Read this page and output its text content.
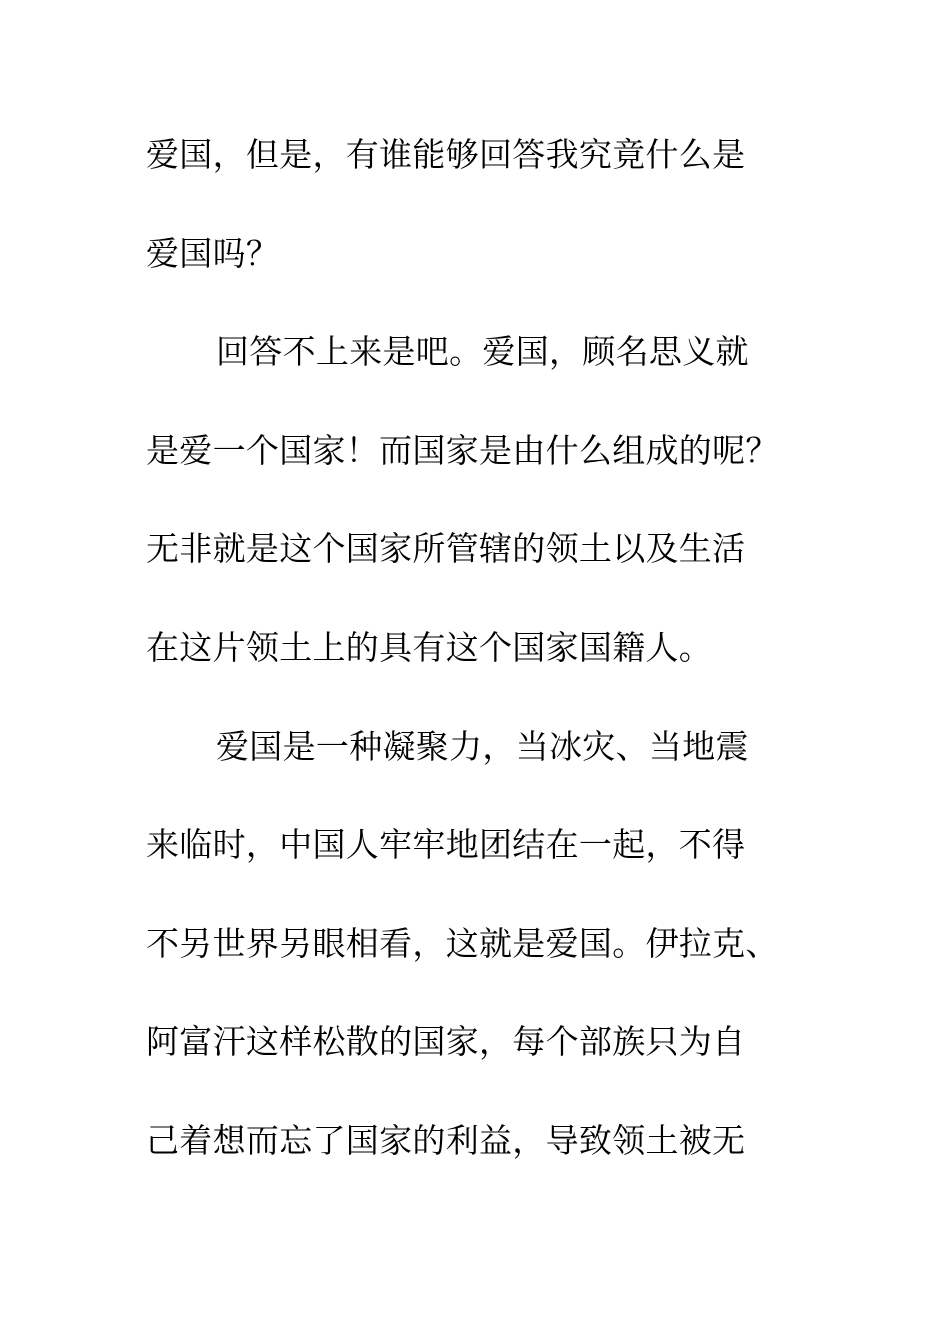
爱国，但是，有谁能够回答我究竟什么是
爱国吗？
回答不上来是吧。爱国，顾名思义就
是爱一个国家！而国家是由什么组成的呢？
无非就是这个国家所管辖的领土以及生活
在这片领土上的具有这个国家国籍人。
爱国是一种凝聚力，当冰灾、当地震
来临时，中国人牢牢地团结在一起，不得
不另世界另眼相看，这就是爱国。伊拉克、
阿富汗这样松散的国家，每个部族只为自
己着想而忘了国家的利益，导致领土被无
